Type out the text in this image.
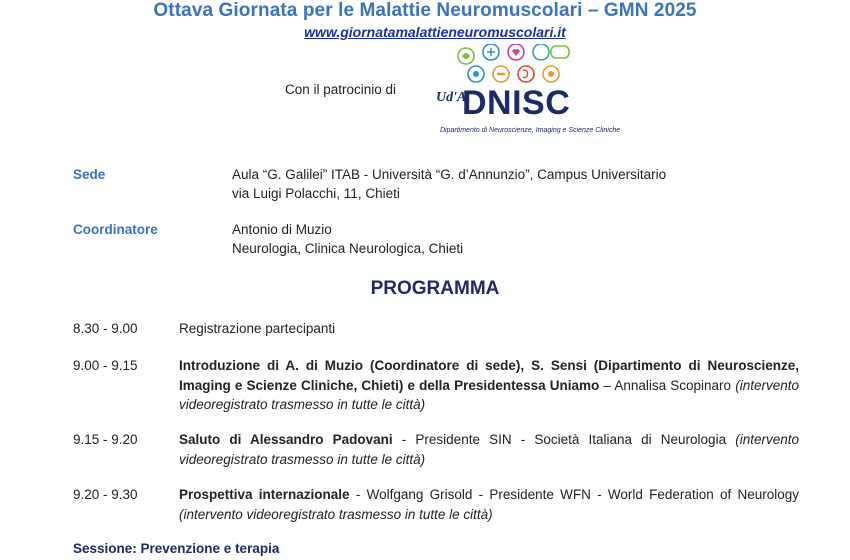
Ottava Giornata per le Malattie Neuromuscolari – GMN 2025
www.giornatamalattieneuromuscolari.it
Con il patrocinio di
Ud'A
DNISC
Dipartimento di Neuroscienze, Imaging e Scienze Cliniche
Sede	Aula “G. Galilei” ITAB - Università “G. d’Annunzio”, Campus Universitario
via Luigi Polacchi, 11, Chieti
Coordinatore	Antonio di Muzio
Neurologia, Clinica Neurologica, Chieti
PROGRAMMA
8.30 - 9.00	Registrazione partecipanti
9.00 - 9.15	Introduzione di A. di Muzio (Coordinatore di sede), S. Sensi (Dipartimento di Neuroscienze, Imaging e Scienze Cliniche, Chieti) e della Presidentessa Uniamo – Annalisa Scopinaro (intervento videoregistrato trasmesso in tutte le città)
9.15 - 9.20	Saluto di Alessandro Padovani - Presidente SIN - Società Italiana di Neurologia (intervento videoregistrato trasmesso in tutte le città)
9.20 - 9.30	Prospettiva internazionale - Wolfgang Grisold - Presidente WFN - World Federation of Neurology (intervento videoregistrato trasmesso in tutte le città)
Sessione: Prevenzione e terapia
